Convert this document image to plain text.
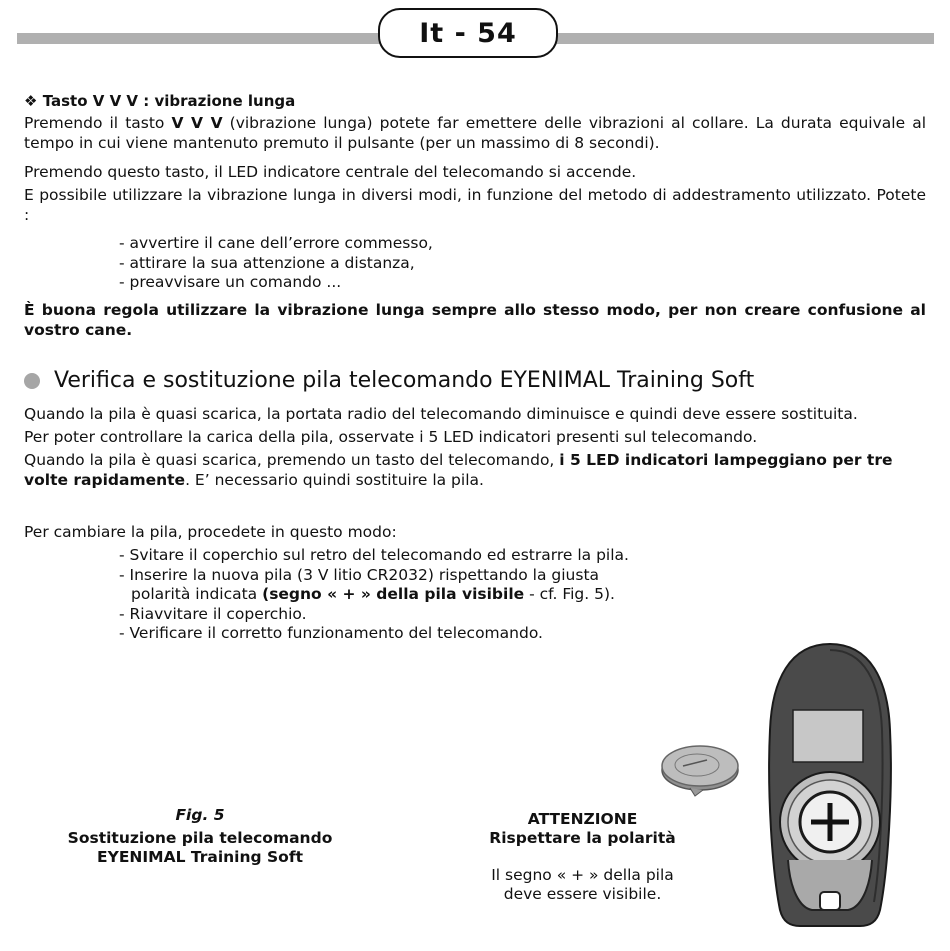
It - 54
❖ Tasto V V V : vibrazione lunga
Premendo il tasto V V V (vibrazione lunga) potete far emettere delle vibrazioni al collare. La durata equivale al tempo in cui viene mantenuto premuto il pulsante (per un massimo di 8 secondi).
Premendo questo tasto, il LED indicatore centrale del telecomando si accende.
E possibile utilizzare la vibrazione lunga in diversi modi, in funzione del metodo di addestramento utilizzato. Potete :
- avvertire il cane dell’errore commesso,
- attirare la sua attenzione a distanza,
- preavvisare un comando ...
È buona regola utilizzare la vibrazione lunga sempre allo stesso modo, per non creare confusione al vostro cane.
Verifica e sostituzione pila telecomando EYENIMAL Training Soft
Quando la pila è quasi scarica, la portata radio del telecomando diminuisce e quindi deve essere sostituita.
Per poter controllare la carica della pila, osservate i 5 LED indicatori presenti sul telecomando.
Quando la pila è quasi scarica, premendo un tasto del telecomando, i 5 LED indicatori lampeggiano per tre volte rapidamente. E’ necessario quindi sostituire la pila.
Per cambiare la pila, procedete in questo modo:
- Svitare il coperchio sul retro del telecomando ed estrarre la pila.
- Inserire la nuova pila (3 V litio CR2032) rispettando la giusta
polarità indicata (segno « + » della pila visibile - cf. Fig. 5).
- Riavvitare il coperchio.
- Verificare il corretto funzionamento del telecomando.
Fig. 5
Sostituzione pila telecomando
EYENIMAL Training Soft
ATTENZIONE
Rispettare la polarità
Il segno « + » della pila
deve essere visibile.
